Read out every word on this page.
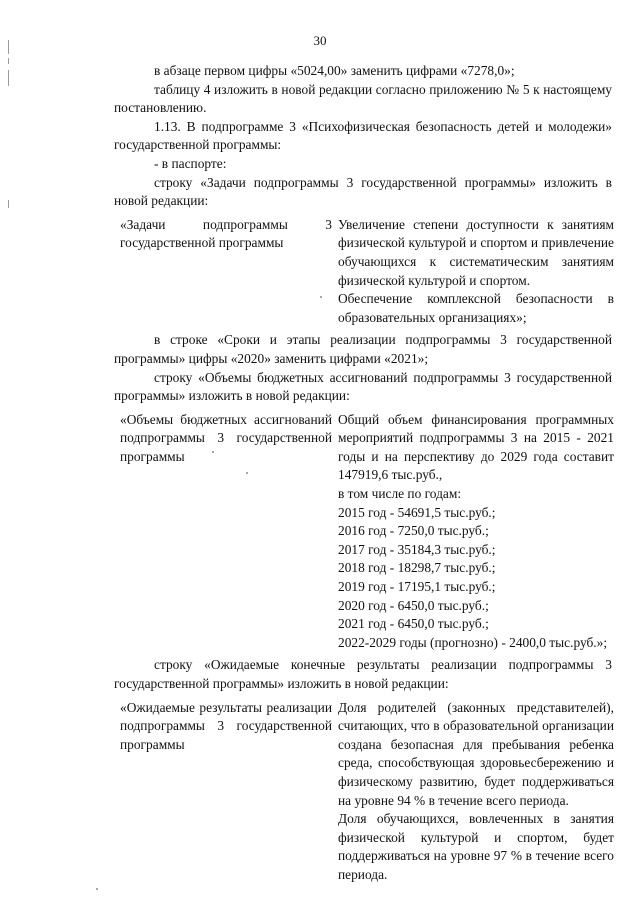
30

в абзаце первом цифры «5024,00» заменить цифрами «7278,0»;

таблицу 4 изложить в новой редакции согласно приложению № 5 к настоящему постановлению.

1.13. В подпрограмме 3 «Психофизическая безопасность детей и молодежи» государственной программы:

- в паспорте:

строку «Задачи подпрограммы 3 государственной программы» изложить в новой редакции:

«Задачи подпрограммы 3 государственной программы
Увеличение степени доступности к занятиям физической культурой и спортом и привлечение обучающихся к систематическим занятиям физической культурой и спортом.
Обеспечение комплексной безопасности в образовательных организациях»;

в строке «Сроки и этапы реализации подпрограммы 3 государственной программы» цифры «2020» заменить цифрами «2021»;

строку «Объемы бюджетных ассигнований подпрограммы 3 государственной программы» изложить в новой редакции:

«Объемы бюджетных ассигнований подпрограммы 3 государственной программы
Общий объем финансирования программных мероприятий подпрограммы 3 на 2015 - 2021 годы и на перспективу до 2029 года составит 147919,6 тыс.руб.,
в том числе по годам:
2015 год - 54691,5 тыс.руб.;
2016 год - 7250,0 тыс.руб.;
2017 год - 35184,3 тыс.руб.;
2018 год - 18298,7 тыс.руб.;
2019 год - 17195,1 тыс.руб.;
2020 год - 6450,0 тыс.руб.;
2021 год - 6450,0 тыс.руб.;
2022-2029 годы (прогнозно) - 2400,0 тыс.руб.»;

строку «Ожидаемые конечные результаты реализации подпрограммы 3 государственной программы» изложить в новой редакции:

«Ожидаемые результаты реализации подпрограммы 3 государственной программы
Доля родителей (законных представителей), считающих, что в образовательной организации создана безопасная для пребывания ребенка среда, способствующая здоровьесбережению и физическому развитию, будет поддерживаться на уровне 94 % в течение всего периода.
Доля обучающихся, вовлеченных в занятия физической культурой и спортом, будет поддерживаться на уровне 97 % в течение всего периода.
